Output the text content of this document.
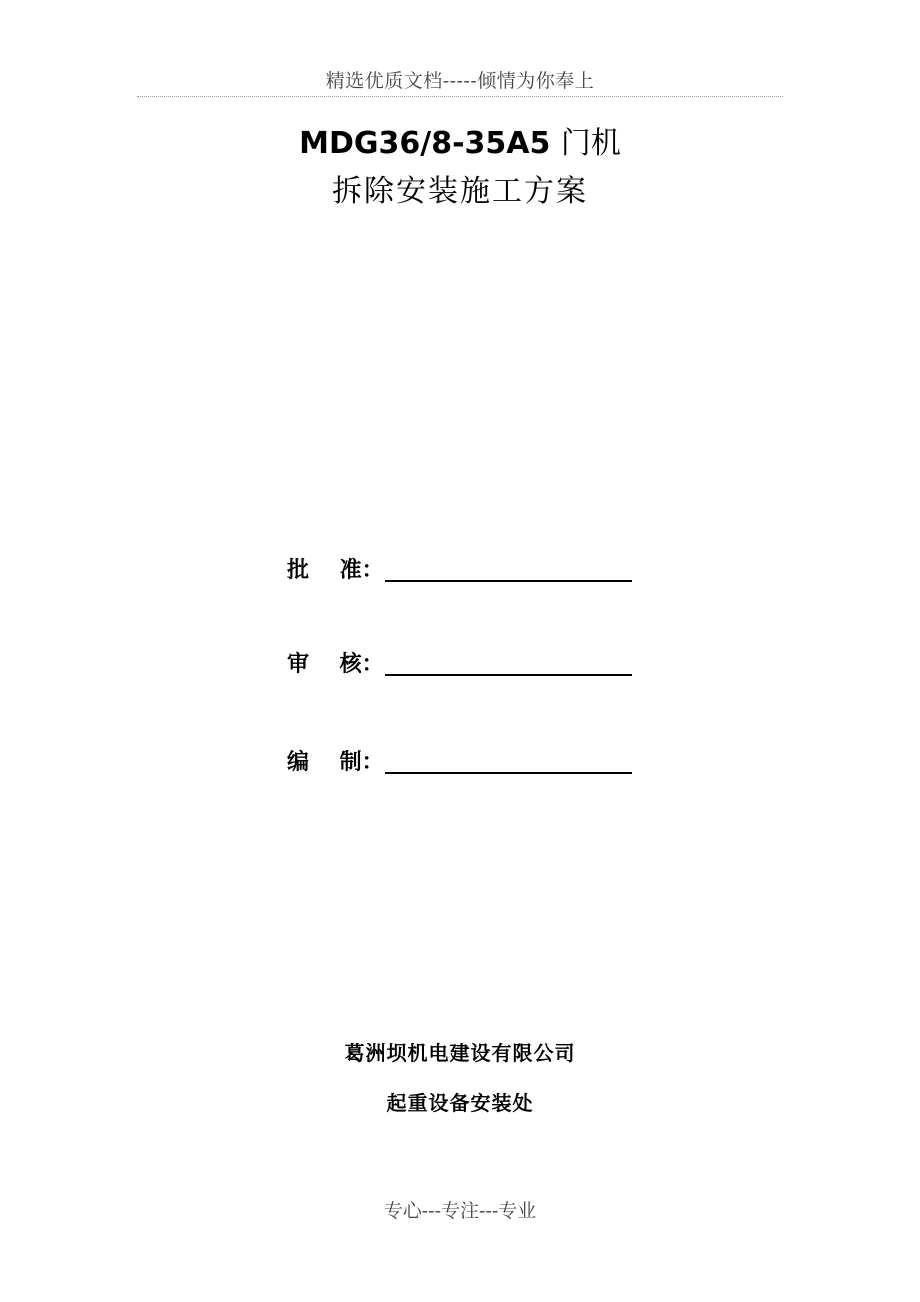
精选优质文档-----倾情为你奉上
MDG36/8-35A5 门机
拆除安装施工方案
批    准：
审    核：
编    制：
葛洲坝机电建设有限公司
起重设备安装处
专心---专注---专业
